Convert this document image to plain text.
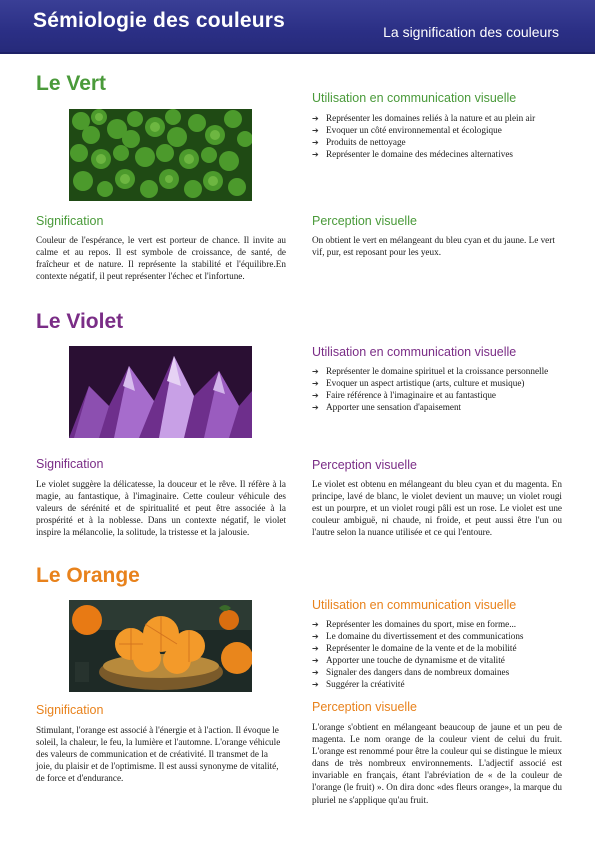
Sémiologie des couleurs	La signification des couleurs
Le Vert
Utilisation en communication visuelle
➔ Représenter les domaines reliés à la nature et au plein air
➔ Evoquer un côté environnemental et écologique
➔ Produits de nettoyage
➔ Représenter le domaine des médecines alternatives
Signification
Couleur de l'espérance, le vert est porteur de chance. Il invite au calme et au repos. Il est symbole de croissance, de santé, de fraîcheur et de nature. Il représente la stabilité et l'équilibre.En contexte négatif, il peut représenter l'échec et l'infortune.
Perception visuelle
On obtient le vert en mélangeant du bleu cyan et du jaune. Le vert vif, pur, est reposant pour les yeux.
Le Violet
Utilisation en communication visuelle
➔ Représenter le domaine spirituel et la croissance personnelle
➔ Evoquer un aspect artistique (arts, culture et musique)
➔ Faire référence à l'imaginaire et au fantastique
➔ Apporter une sensation d'apaisement
Signification
Le violet suggère la délicatesse, la douceur et le rêve. Il réfère à la magie, au fantastique, à l'imaginaire. Cette couleur véhicule des valeurs de sérénité et de spiritualité et peut être associée à la prospérité et à la noblesse. Dans un contexte négatif, le violet inspire la mélancolie, la solitude, la tristesse et la jalousie.
Perception visuelle
Le violet est obtenu en mélangeant du bleu cyan et du magenta. En principe, lavé de blanc, le violet devient un mauve; un violet rougi est un pourpre, et un violet rougi pâli est un rose. Le violet est une couleur ambiguë, ni chaude, ni froide, et peut aussi être l'un ou l'autre selon la nuance utilisée et ce qui l'entoure.
Le Orange
Utilisation en communication visuelle
➔ Représenter les domaines du sport, mise en forme...
➔ Le domaine du divertissement et des communications
➔ Représenter le domaine de la vente et de la mobilité
➔ Apporter une touche de dynamisme et de vitalité
➔ Signaler des dangers dans de nombreux domaines
➔ Suggérer la créativité
Signification
Stimulant, l'orange est associé à l'énergie et à l'action. Il évoque le soleil, la chaleur, le feu, la lumière et l'automne. L'orange véhicule des valeurs de communication et de créativité. Il transmet de la joie, du plaisir et de l'optimisme. Il est aussi synonyme de vitalité, de force et d'endurance.
Perception visuelle
L'orange s'obtient en mélangeant beaucoup de jaune et un peu de magenta. Le nom orange de la couleur vient de celui du fruit. L'orange est renommé pour être la couleur qui se distingue le mieux dans de très nombreux environnements. L'adjectif associé est invariable en français, étant l'abréviation de « de la couleur de l'orange (le fruit) ». On dira donc «des fleurs orange», la marque du pluriel ne s'applique qu'au fruit.
